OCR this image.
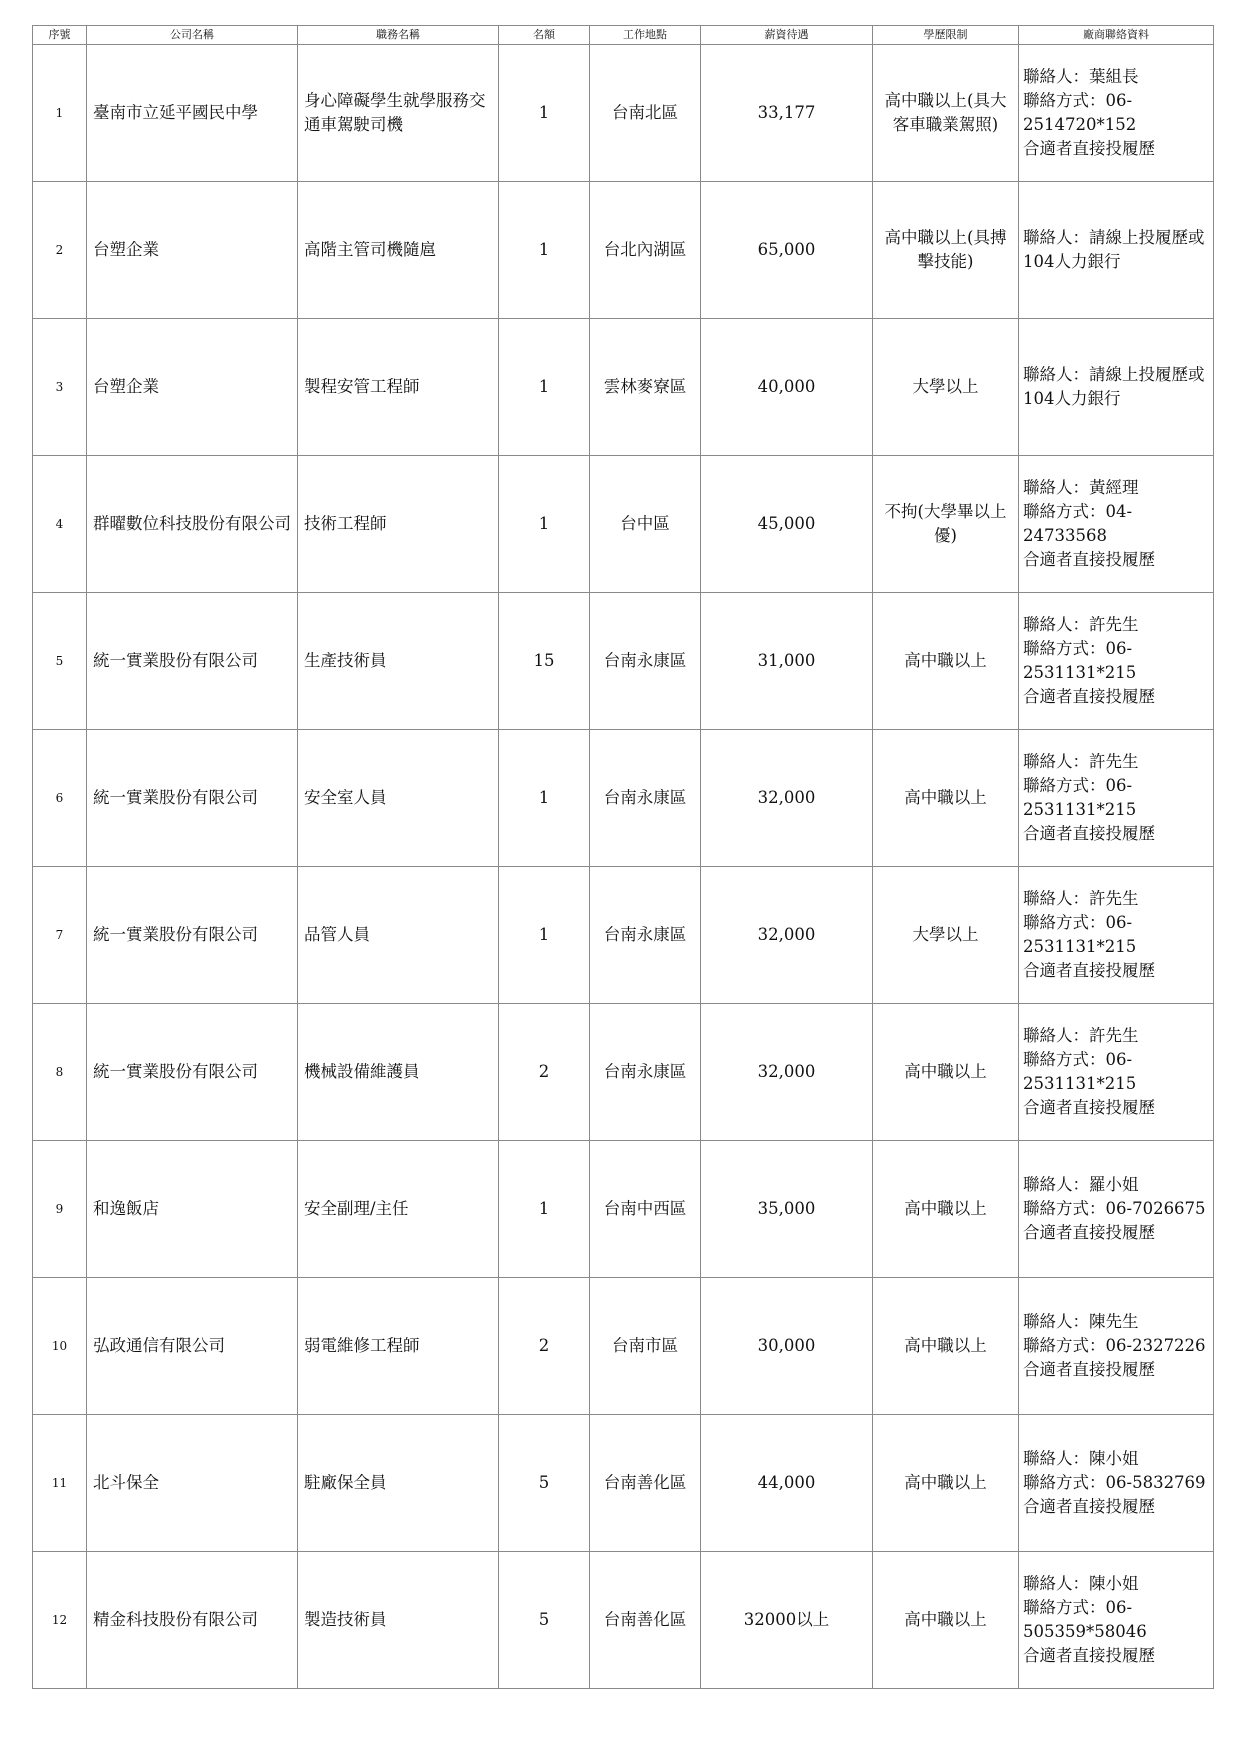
序號	公司名稱	職務名稱	名額	工作地點	薪資待遇	學歷限制	廠商聯絡資料
1	臺南市立延平國民中學	身心障礙學生就學服務交通車駕駛司機	1	台南北區	33,177	高中職以上(具大客車職業駕照)	聯絡人：葉組長
聯絡方式：06-2514720*152
合適者直接投履歷
2	台塑企業	高階主管司機隨扈	1	台北內湖區	65,000	高中職以上(具搏擊技能)	聯絡人：請線上投履歷或104人力銀行
3	台塑企業	製程安管工程師	1	雲林麥寮區	40,000	大學以上	聯絡人：請線上投履歷或104人力銀行
4	群曜數位科技股份有限公司	技術工程師	1	台中區	45,000	不拘(大學畢以上優)	聯絡人：黃經理
聯絡方式：04-24733568
合適者直接投履歷
5	統一實業股份有限公司	生產技術員	15	台南永康區	31,000	高中職以上	聯絡人：許先生
聯絡方式：06-2531131*215
合適者直接投履歷
6	統一實業股份有限公司	安全室人員	1	台南永康區	32,000	高中職以上	聯絡人：許先生
聯絡方式：06-2531131*215
合適者直接投履歷
7	統一實業股份有限公司	品管人員	1	台南永康區	32,000	大學以上	聯絡人：許先生
聯絡方式：06-2531131*215
合適者直接投履歷
8	統一實業股份有限公司	機械設備維護員	2	台南永康區	32,000	高中職以上	聯絡人：許先生
聯絡方式：06-2531131*215
合適者直接投履歷
9	和逸飯店	安全副理/主任	1	台南中西區	35,000	高中職以上	聯絡人：羅小姐
聯絡方式：06-7026675
合適者直接投履歷
10	弘政通信有限公司	弱電維修工程師	2	台南市區	30,000	高中職以上	聯絡人：陳先生
聯絡方式：06-2327226
合適者直接投履歷
11	北斗保全	駐廠保全員	5	台南善化區	44,000	高中職以上	聯絡人：陳小姐
聯絡方式：06-5832769
合適者直接投履歷
12	精金科技股份有限公司	製造技術員	5	台南善化區	32000以上	高中職以上	聯絡人：陳小姐
聯絡方式：06-505359*58046
合適者直接投履歷
